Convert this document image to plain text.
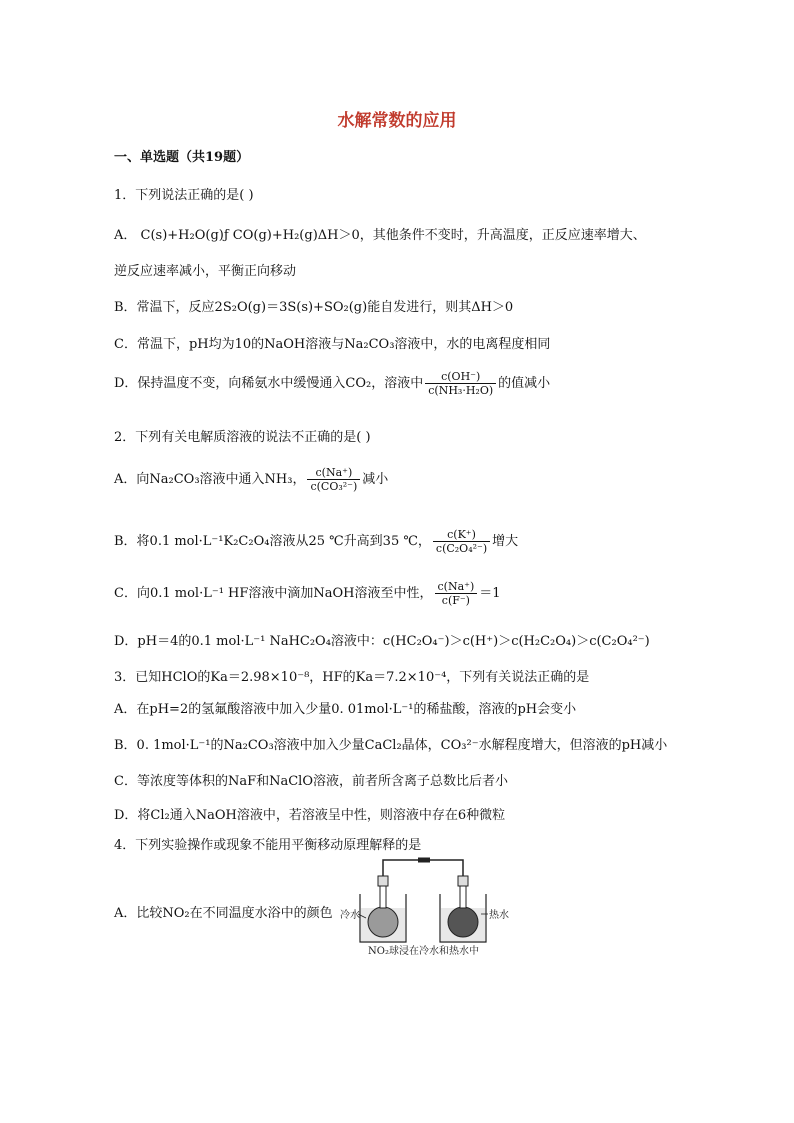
水解常数的应用
一、单选题（共19题）
1．下列说法正确的是( )
A． C(s)+H₂O(g)ƒ CO(g)+H₂(g)ΔH＞0，其他条件不变时，升高温度，正反应速率增大、
逆反应速率减小，平衡正向移动
B．常温下，反应2S₂O(g)＝3S(s)+SO₂(g)能自发进行，则其ΔH＞0
C．常温下，pH均为10的NaOH溶液与Na₂CO₃溶液中，水的电离程度相同
D．保持温度不变，向稀氨水中缓慢通入CO₂，溶液中 $\frac{c(OH^-)}{\text{c(NH₃·H₂O)}}$ 的值减小
2．下列有关电解质溶液的说法不正确的是( )
A．向Na₂CO₃溶液中通入NH₃， $\frac{c(Na^+)}{\text{c(CO₃²⁻)}}$ 减小
B．将0.1 mol·L⁻¹K₂C₂O₄溶液从25 ℃升高到35 ℃， $\frac{c(K^+)}{\text{c(C₂O₄²⁻)}}$ 增大
C．向0.1 mol·L⁻¹ HF溶液中滴加NaOH溶液至中性， $\frac{c(Na^+)}{c(F^-)} =1$
D．pH＝4的0.1 mol·L⁻¹ NaHC₂O₄溶液中：c(HC₂O₄⁻)＞c(H⁺)＞c(H₂C₂O₄)＞c(C₂O₄²⁻)
3．已知HClO的Ka＝2.98×10⁻⁸，HF的Ka＝7.2×10⁻⁴，下列有关说法正确的是
A．在pH=2的氢氟酸溶液中加入少量0. 01mol·L⁻¹的稀盐酸，溶液的pH会变小
B．0. 1mol·L⁻¹的Na₂CO₃溶液中加入少量CaCl₂晶体，CO₃²⁻水解程度增大，但溶液的pH减小
C．等浓度等体积的NaF和NaClO溶液，前者所含离子总数比后者小
D．将Cl₂通入NaOH溶液中，若溶液呈中性，则溶液中存在6种微粒
4．下列实验操作或现象不能用平衡移动原理解释的是
A．比较NO₂在不同温度水浴中的颜色 冷水	热水
NO₂球浸在冷水和热水中
